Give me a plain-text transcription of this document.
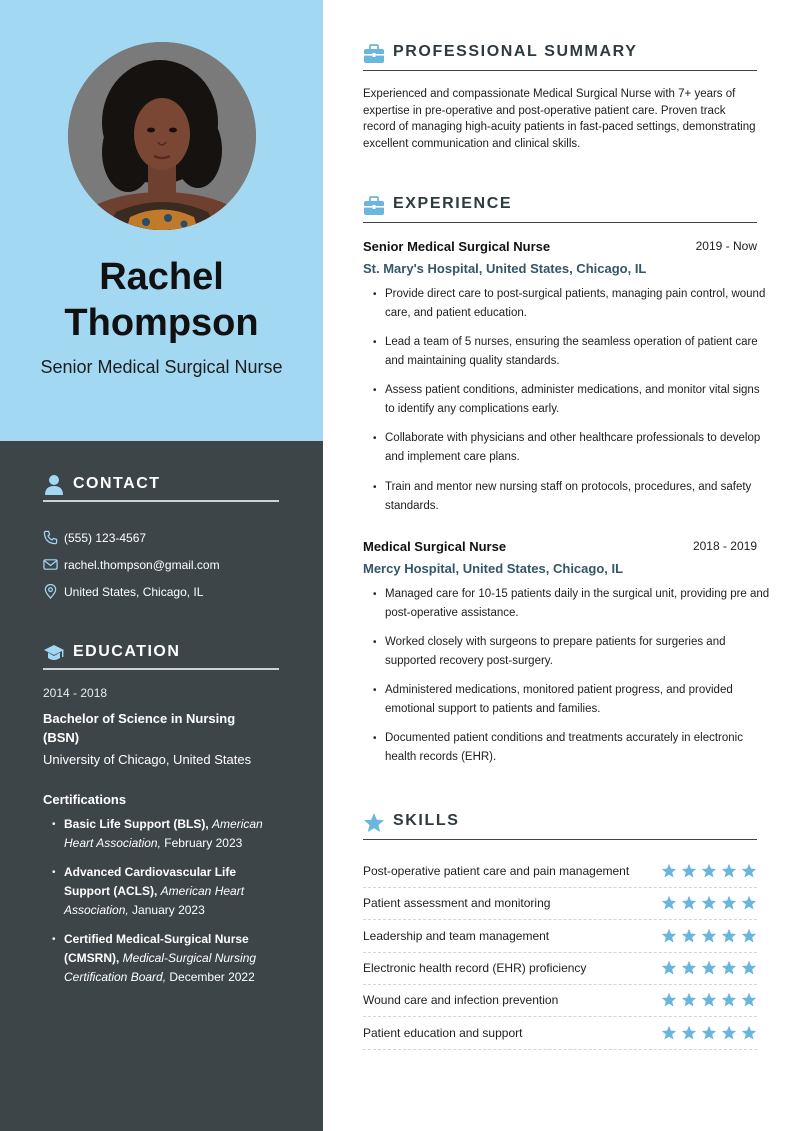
Rachel
Thompson
Senior Medical Surgical Nurse
CONTACT
(555) 123-4567
rachel.thompson@gmail.com
United States, Chicago, IL
EDUCATION
2014 - 2018
Bachelor of Science in Nursing (BSN)
University of Chicago, United States
Certifications
• Basic Life Support (BLS), American Heart Association, February 2023
• Advanced Cardiovascular Life Support (ACLS), American Heart Association, January 2023
• Certified Medical-Surgical Nurse (CMSRN), Medical-Surgical Nursing Certification Board, December 2022
PROFESSIONAL SUMMARY
Experienced and compassionate Medical Surgical Nurse with 7+ years of expertise in pre-operative and post-operative patient care. Proven track record of managing high-acuity patients in fast-paced settings, demonstrating excellent communication and clinical skills.
EXPERIENCE
Senior Medical Surgical Nurse	2019 - Now
St. Mary's Hospital, United States, Chicago, IL
• Provide direct care to post-surgical patients, managing pain control, wound care, and patient education.
• Lead a team of 5 nurses, ensuring the seamless operation of patient care and maintaining quality standards.
• Assess patient conditions, administer medications, and monitor vital signs to identify any complications early.
• Collaborate with physicians and other healthcare professionals to develop and implement care plans.
• Train and mentor new nursing staff on protocols, procedures, and safety standards.
Medical Surgical Nurse	2018 - 2019
Mercy Hospital, United States, Chicago, IL
• Managed care for 10-15 patients daily in the surgical unit, providing pre and post-operative assistance.
• Worked closely with surgeons to prepare patients for surgeries and supported recovery post-surgery.
• Administered medications, monitored patient progress, and provided emotional support to patients and families.
• Documented patient conditions and treatments accurately in electronic health records (EHR).
SKILLS
Post-operative patient care and pain management
Patient assessment and monitoring
Leadership and team management
Electronic health record (EHR) proficiency
Wound care and infection prevention
Patient education and support
